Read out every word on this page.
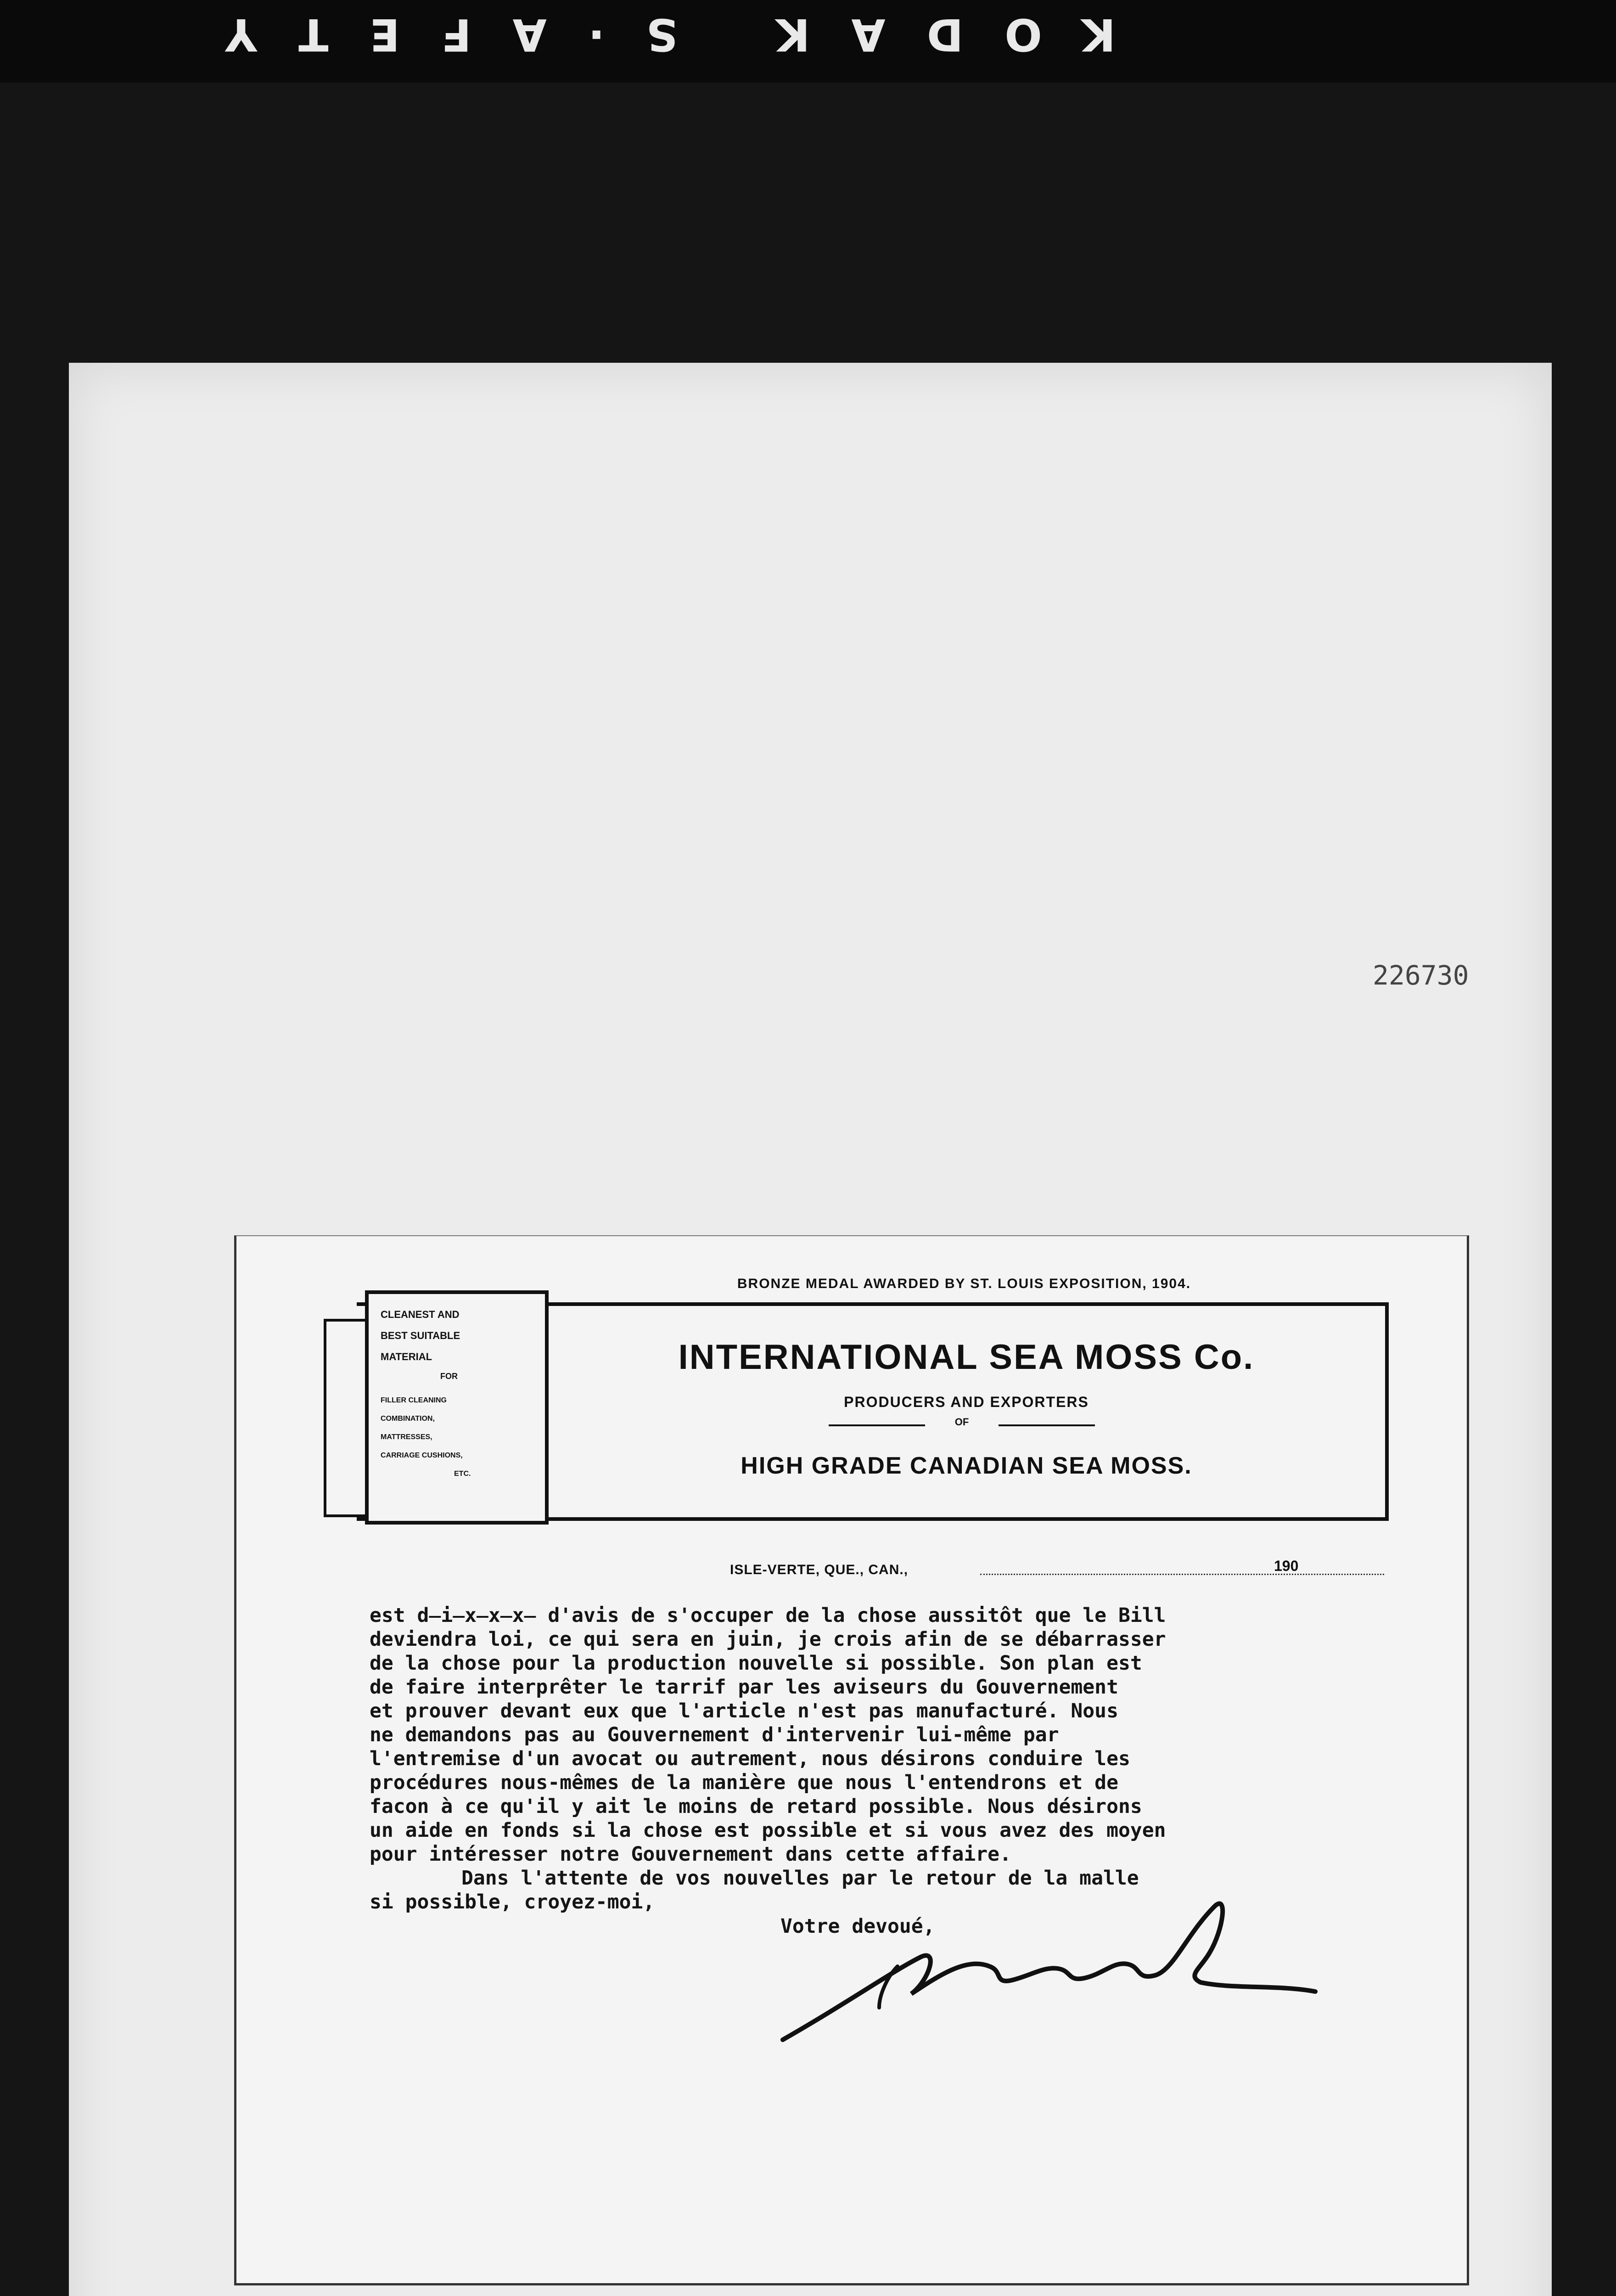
KODAK S·AFETY
226730
BRONZE MEDAL AWARDED BY ST. LOUIS EXPOSITION, 1904.
CLEANEST AND
BEST SUITABLE
MATERIAL
FOR
FILLER CLEANING
COMBINATION,
MATTRESSES,
CARRIAGE CUSHIONS,
ETC.
INTERNATIONAL SEA MOSS Co.
PRODUCERS AND EXPORTERS
OF
HIGH GRADE CANADIAN SEA MOSS.
ISLE-VERTE, QUE., CAN.,	190
est d̶i̶x̶x̶x̶ d'avis de s'occuper de la chose aussitôt que le Bill
deviendra loi, ce qui sera en juin, je crois afin de se débarrasser
de la chose pour la production nouvelle si possible. Son plan est
de faire interprêter le tarrif par les aviseurs du Gouvernement
et prouver devant eux que l'article n'est pas manufacturé. Nous
ne demandons pas au Gouvernement d'intervenir lui-même par
l'entremise d'un avocat ou autrement, nous désirons conduire les
procédures nous-mêmes de la manière que nous l'entendrons et de
facon à ce qu'il y ait le moins de retard possible. Nous désirons
un aide en fonds si la chose est possible et si vous avez des moyen
pour intéresser notre Gouvernement dans cette affaire.
Dans l'attente de vos nouvelles par le retour de la malle
si possible, croyez-moi,
Votre devoué,
